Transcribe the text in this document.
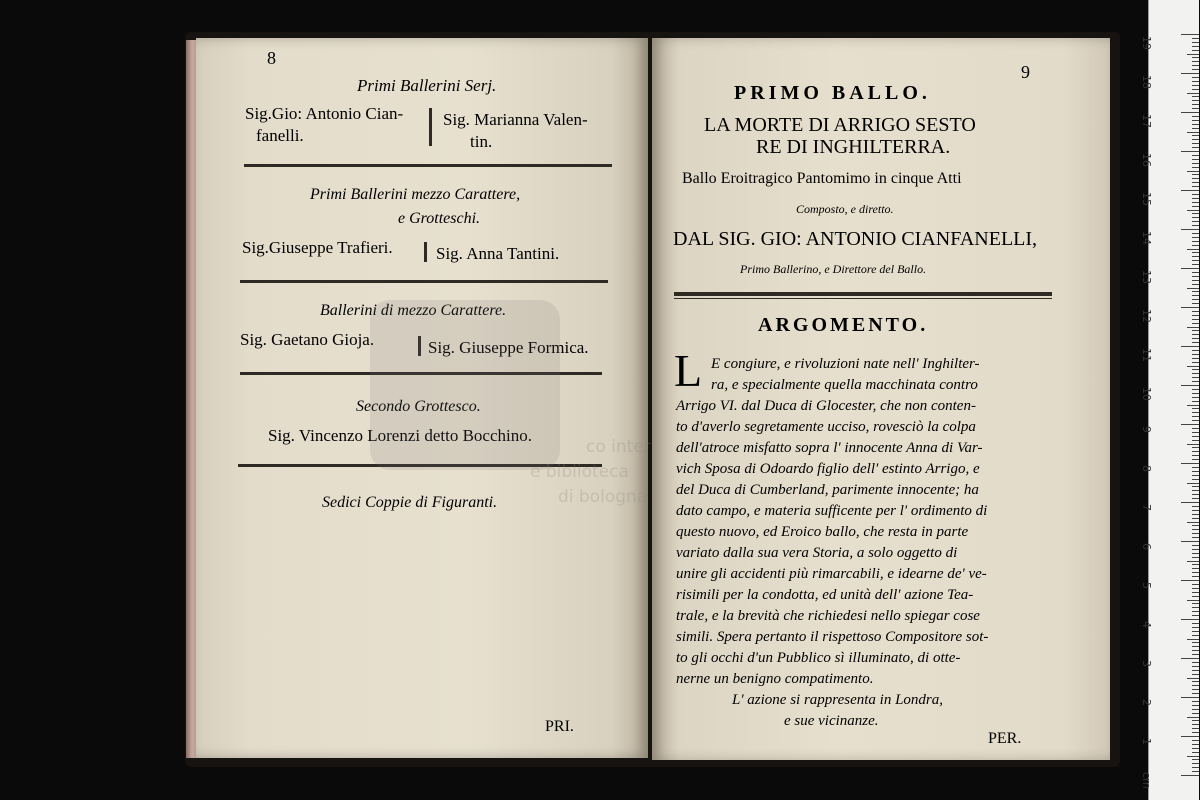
8
Primi Ballerini Serj.
Sig.Gio: Antonio Cian-
fanelli.
Sig. Marianna Valen-
tin.
Primi Ballerini mezzo Carattere,
e Grotteschi.
Sig.Giuseppe Trafieri.	Sig. Anna Tantini.
Ballerini di mezzo Carattere.
Sig. Gaetano Gioja.	Sig. Giuseppe Formica.
Secondo Grottesco.
Sig. Vincenzo Lorenzi detto Bocchino.
Sedici Coppie di Figuranti.
PRI.
co inter
e biblioteca
di bologna
9
PRIMO BALLO.
LA MORTE DI ARRIGO SESTO
RE DI INGHILTERRA.
Ballo Eroitragico Pantomimo in cinque Atti
Composto, e diretto.
DAL SIG. GIO: ANTONIO CIANFANELLI,
Primo Ballerino, e Direttore del Ballo.
ARGOMENTO.
L E congiure, e rivoluzioni nate nell' Inghilter-
ra, e specialmente quella macchinata contro
Arrigo VI. dal Duca di Glocester, che non conten-
to d'averlo segretamente ucciso, rovesciò la colpa
dell'atroce misfatto sopra l' innocente Anna di Var-
vich Sposa di Odoardo figlio dell' estinto Arrigo, e
del Duca di Cumberland, parimente innocente; ha
dato campo, e materia sufficente per l' ordimento di
questo nuovo, ed Eroico ballo, che resta in parte
variato dalla sua vera Storia, a solo oggetto di
unire gli accidenti più rimarcabili, e idearne de' ve-
risimili per la condotta, ed unità dell' azione Tea-
trale, e la brevità che richiedesi nello spiegar cose
simili. Spera pertanto il rispettoso Compositore sot-
to gli occhi d'un Pubblico sì illuminato, di otte-
nerne un benigno compatimento.
L' azione si rappresenta in Londra,
e sue vicinanze.
PER.
cm
1
2
3
4
5
6
7
8
9
10
11
12
13
14
15
16
17
18
19
